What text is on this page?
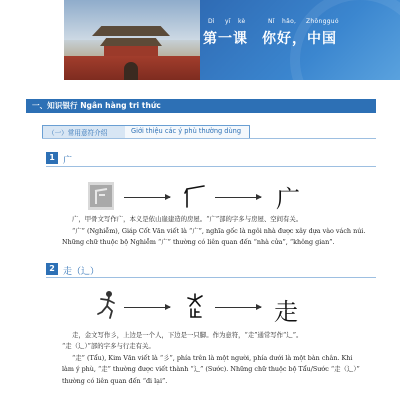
Dì yī kè	Nǐ hǎo, Zhōngguó
第一课 你好，中国
一、知识银行 Ngân hàng tri thức
（一）常用意符介绍	Giới thiệu các ý phù thường dùng
1 广
广
广，甲骨文写作⼴，本义是依山崖建造的房屋。“广”部的字多与房屋、空间有关。
“广” (Nghiễm), Giáp Cốt Văn viết là “⼴”, nghĩa gốc là ngôi nhà được xây dựa vào vách núi.
Những chữ thuộc bộ Nghiễm “广” thường có liên quan đến “nhà cửa”, “không gian”.
2 走（⻌）
走
走，金文写作⼺，上边是一个人，下边是一只脚。作为意符，“走”通常写作“⻌”。
“走（⻌）”部的字多与行走有关。
“走” (Tẩu), Kim Văn viết là “⼺”, phía trên là một người, phía dưới là một bàn chân. Khi
làm ý phù, “走” thường được viết thành “⻌” (Sước). Những chữ thuộc bộ Tẩu/Sước “走（⻌）”
thường có liên quan đến “đi lại”.
